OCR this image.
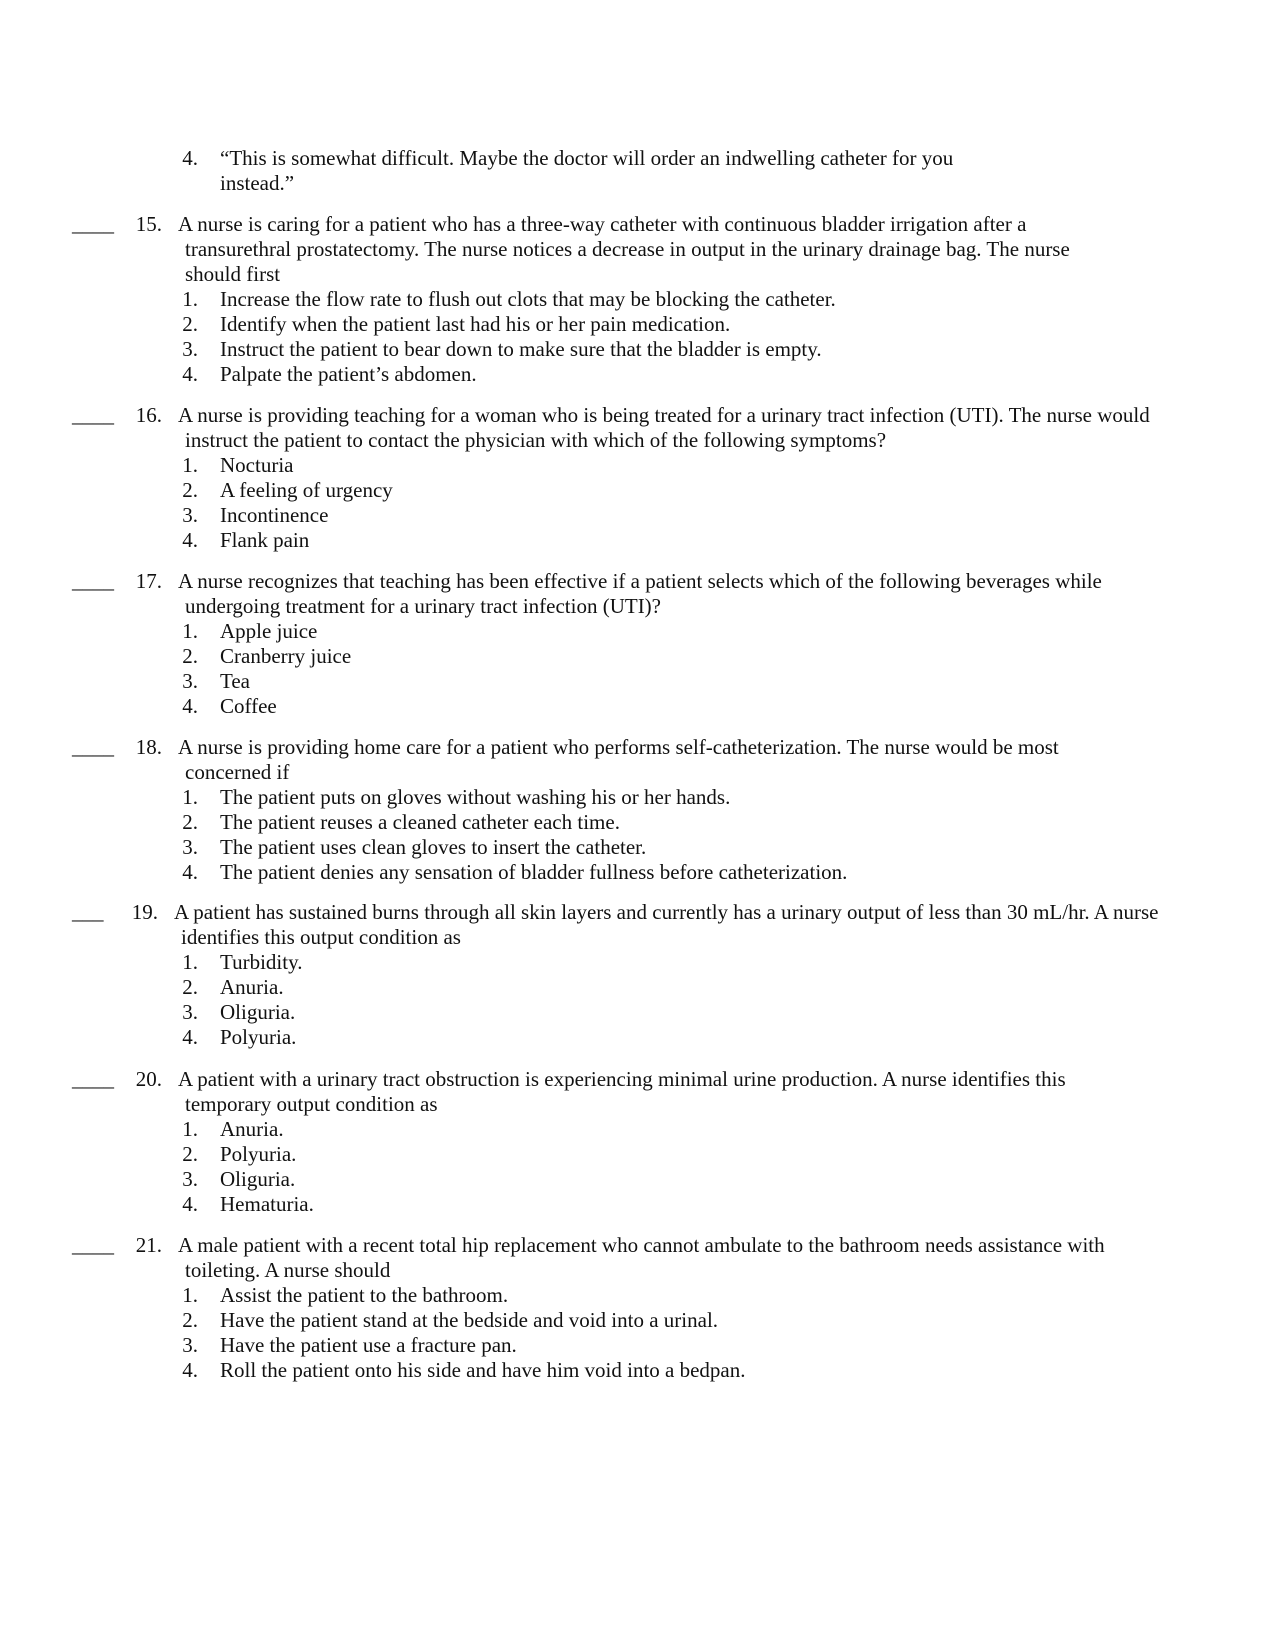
4. “This is somewhat difficult. Maybe the doctor will order an indwelling catheter for you instead.”
____	15. A nurse is caring for a patient who has a three-way catheter with continuous bladder irrigation after a transurethral prostatectomy. The nurse notices a decrease in output in the urinary drainage bag. The nurse should first

1. Increase the flow rate to flush out clots that may be blocking the catheter.
2. Identify when the patient last had his or her pain medication.
3. Instruct the patient to bear down to make sure that the bladder is empty.
4. Palpate the patient’s abdomen.
____	16. A nurse is providing teaching for a woman who is being treated for a urinary tract infection (UTI). The nurse would instruct the patient to contact the physician with which of the following symptoms?

1. Nocturia
2. A feeling of urgency
3. Incontinence
4. Flank pain
____	17. A nurse recognizes that teaching has been effective if a patient selects which of the following beverages while undergoing treatment for a urinary tract infection (UTI)?

1. Apple juice
2. Cranberry juice
3. Tea
4. Coffee
____	18. A nurse is providing home care for a patient who performs self-catheterization. The nurse would be most concerned if

1. The patient puts on gloves without washing his or her hands.
2. The patient reuses a cleaned catheter each time.
3. The patient uses clean gloves to insert the catheter.
4. The patient denies any sensation of bladder fullness before catheterization.
___	19. A patient has sustained burns through all skin layers and currently has a urinary output of less than 30 mL/hr. A nurse identifies this output condition as

1. Turbidity.
2. Anuria.
3. Oliguria.
4. Polyuria.
____	20. A patient with a urinary tract obstruction is experiencing minimal urine production. A nurse identifies this temporary output condition as

1. Anuria.
2. Polyuria.
3. Oliguria.
4. Hematuria.
____	21. A male patient with a recent total hip replacement who cannot ambulate to the bathroom needs assistance with toileting. A nurse should

1. Assist the patient to the bathroom.
2. Have the patient stand at the bedside and void into a urinal.
3. Have the patient use a fracture pan.
4. Roll the patient onto his side and have him void into a bedpan.
